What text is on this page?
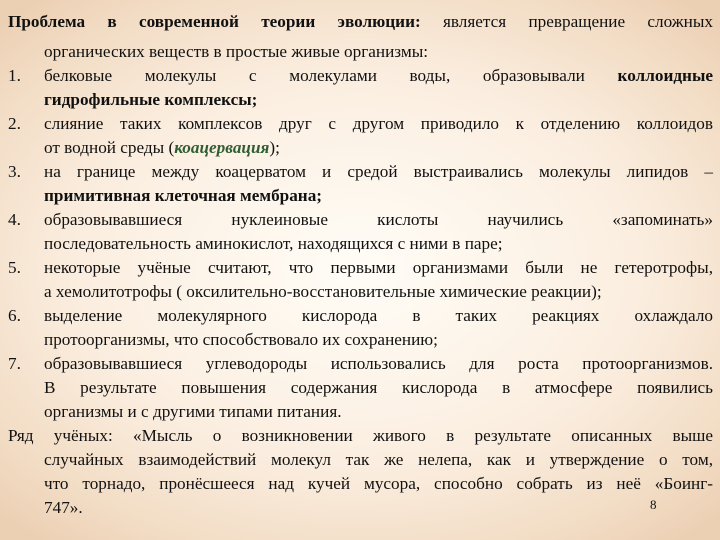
Проблема в современной теории эволюции: является превращение сложных
органических веществ в простые живые организмы:
1. белковые молекулы с молекулами воды, образовывали коллоидные
гидрофильные комплексы;
2. слияние таких комплексов друг с другом приводило к отделению коллоидов
от водной среды (коацервация);
3. на границе между коацерватом и средой выстраивались молекулы липидов –
примитивная клеточная мембрана;
4. образовывавшиеся нуклеиновые кислоты научились «запоминать»
последовательность аминокислот, находящихся с ними в паре;
5. некоторые учёные считают, что первыми организмами были не гетеротрофы,
а хемолитотрофы ( оксилительно-восстановительные химические реакции);
6. выделение молекулярного кислорода в таких реакциях охлаждало
протоорганизмы, что способствовало их сохранению;
7. образовывавшиеся углеводороды использовались для роста протоорганизмов.
В результате повышения содержания кислорода в атмосфере появились
организмы и с другими типами питания.
Ряд учёных: «Мысль о возникновении живого в результате описанных выше
случайных взаимодействий молекул так же нелепа, как и утверждение о том,
что торнадо, пронёсшееся над кучей мусора, способно собрать из неё «Боинг-
747».	8
